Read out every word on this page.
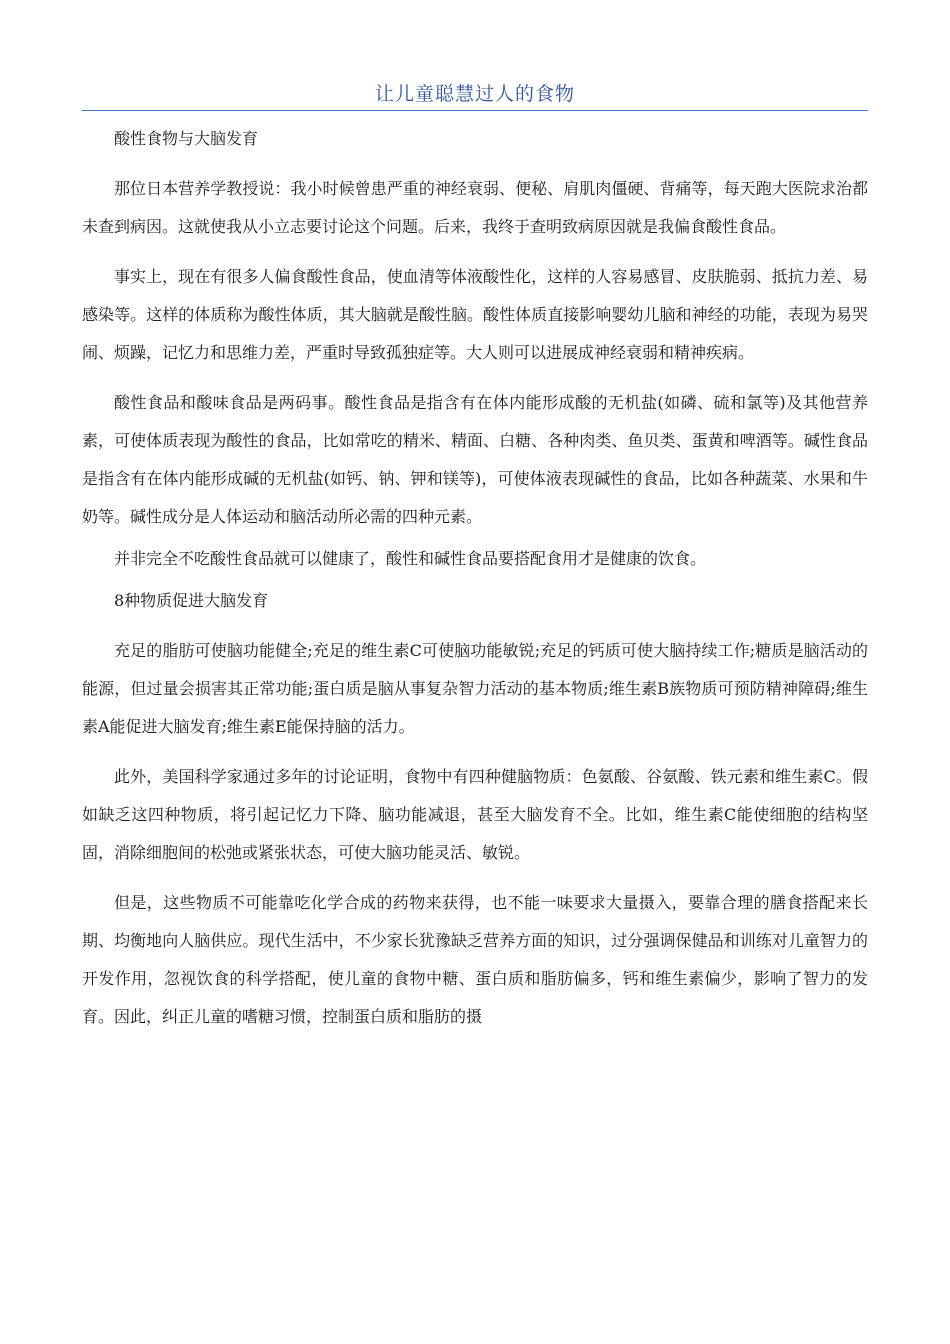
让儿童聪慧过人的食物

酸性食物与大脑发育

那位日本营养学教授说：我小时候曾患严重的神经衰弱、便秘、肩肌肉僵硬、背痛等，每天跑大医院求治都未查到病因。这就使我从小立志要讨论这个问题。后来，我终于查明致病原因就是我偏食酸性食品。

事实上，现在有很多人偏食酸性食品，使血清等体液酸性化，这样的人容易感冒、皮肤脆弱、抵抗力差、易感染等。这样的体质称为酸性体质，其大脑就是酸性脑。酸性体质直接影响婴幼儿脑和神经的功能，表现为易哭闹、烦躁，记忆力和思维力差，严重时导致孤独症等。大人则可以进展成神经衰弱和精神疾病。

酸性食品和酸味食品是两码事。酸性食品是指含有在体内能形成酸的无机盐(如磷、硫和氯等)及其他营养素，可使体质表现为酸性的食品，比如常吃的精米、精面、白糖、各种肉类、鱼贝类、蛋黄和啤酒等。碱性食品是指含有在体内能形成碱的无机盐(如钙、钠、钾和镁等)，可使体液表现碱性的食品，比如各种蔬菜、水果和牛奶等。碱性成分是人体运动和脑活动所必需的四种元素。

并非完全不吃酸性食品就可以健康了，酸性和碱性食品要搭配食用才是健康的饮食。

8种物质促进大脑发育

充足的脂肪可使脑功能健全;充足的维生素C可使脑功能敏锐;充足的钙质可使大脑持续工作;糖质是脑活动的能源，但过量会损害其正常功能;蛋白质是脑从事复杂智力活动的基本物质;维生素B族物质可预防精神障碍;维生素A能促进大脑发育;维生素E能保持脑的活力。

此外，美国科学家通过多年的讨论证明，食物中有四种健脑物质：色氨酸、谷氨酸、铁元素和维生素C。假如缺乏这四种物质，将引起记忆力下降、脑功能减退，甚至大脑发育不全。比如，维生素C能使细胞的结构坚固，消除细胞间的松弛或紧张状态，可使大脑功能灵活、敏锐。

但是，这些物质不可能靠吃化学合成的药物来获得，也不能一味要求大量摄入，要靠合理的膳食搭配来长期、均衡地向人脑供应。现代生活中，不少家长犹豫缺乏营养方面的知识，过分强调保健品和训练对儿童智力的开发作用，忽视饮食的科学搭配，使儿童的食物中糖、蛋白质和脂肪偏多，钙和维生素偏少，影响了智力的发育。因此，纠正儿童的嗜糖习惯，控制蛋白质和脂肪的摄
